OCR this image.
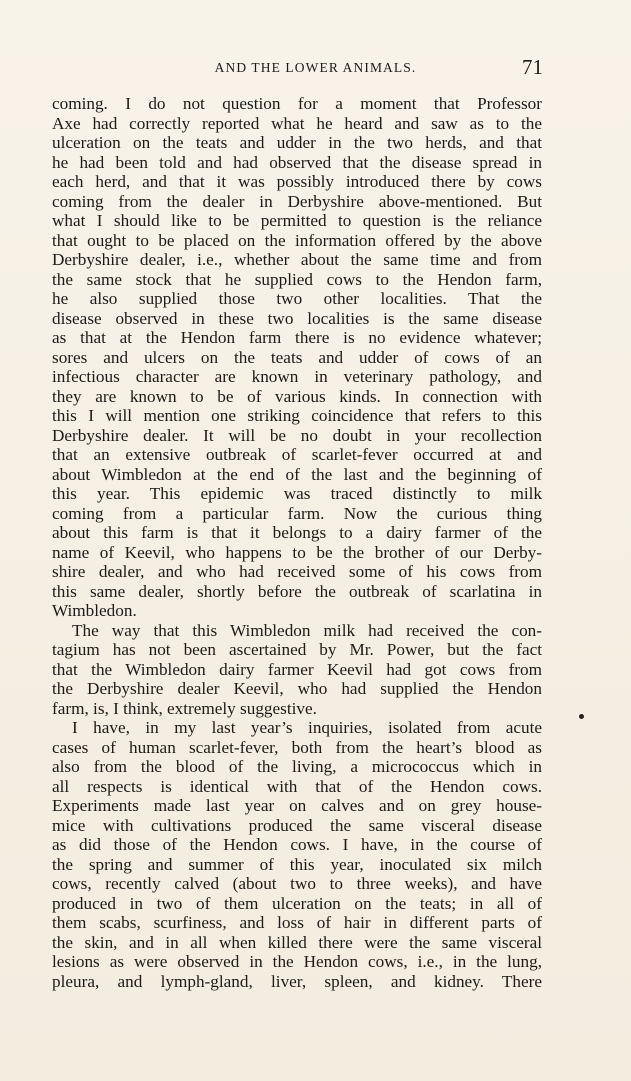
AND THE LOWER ANIMALS.	71
coming. I do not question for a moment that Professor
Axe had correctly reported what he heard and saw as to the
ulceration on the teats and udder in the two herds, and that
he had been told and had observed that the disease spread in
each herd, and that it was possibly introduced there by cows
coming from the dealer in Derbyshire above-mentioned. But
what I should like to be permitted to question is the reliance
that ought to be placed on the information offered by the above
Derbyshire dealer, i.e., whether about the same time and from
the same stock that he supplied cows to the Hendon farm,
he also supplied those two other localities. That the
disease observed in these two localities is the same disease
as that at the Hendon farm there is no evidence whatever;
sores and ulcers on the teats and udder of cows of an
infectious character are known in veterinary pathology, and
they are known to be of various kinds. In connection with
this I will mention one striking coincidence that refers to this
Derbyshire dealer. It will be no doubt in your recollection
that an extensive outbreak of scarlet-fever occurred at and
about Wimbledon at the end of the last and the beginning of
this year. This epidemic was traced distinctly to milk
coming from a particular farm. Now the curious thing
about this farm is that it belongs to a dairy farmer of the
name of Keevil, who happens to be the brother of our Derby-
shire dealer, and who had received some of his cows from
this same dealer, shortly before the outbreak of scarlatina in
Wimbledon.
The way that this Wimbledon milk had received the con-
tagium has not been ascertained by Mr. Power, but the fact
that the Wimbledon dairy farmer Keevil had got cows from
the Derbyshire dealer Keevil, who had supplied the Hendon
farm, is, I think, extremely suggestive.
I have, in my last year’s inquiries, isolated from acute
cases of human scarlet-fever, both from the heart’s blood as
also from the blood of the living, a micrococcus which in
all respects is identical with that of the Hendon cows.
Experiments made last year on calves and on grey house-
mice with cultivations produced the same visceral disease
as did those of the Hendon cows. I have, in the course of
the spring and summer of this year, inoculated six milch
cows, recently calved (about two to three weeks), and have
produced in two of them ulceration on the teats; in all of
them scabs, scurfiness, and loss of hair in different parts of
the skin, and in all when killed there were the same visceral
lesions as were observed in the Hendon cows, i.e., in the lung,
pleura, and lymph-gland, liver, spleen, and kidney. There
